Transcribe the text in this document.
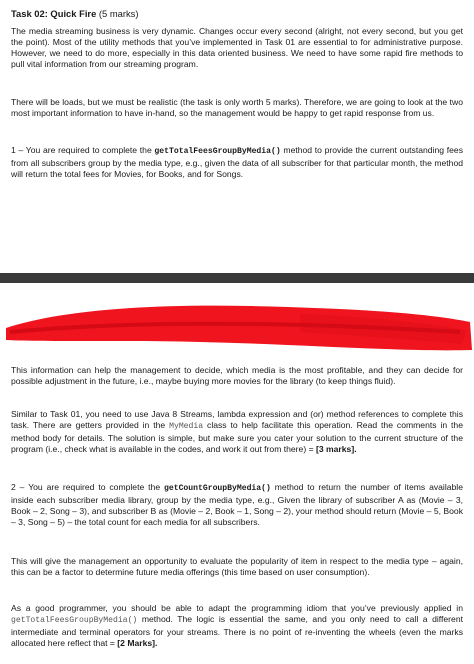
Task 02: Quick Fire (5 marks)

The media streaming business is very dynamic. Changes occur every second (alright, not every second, but you get the point). Most of the utility methods that you’ve implemented in Task 01 are essential to for administrative purpose. However, we need to do more, especially in this data oriented business. We need to have some rapid fire methods to pull vital information from our streaming program.

There will be loads, but we must be realistic (the task is only worth 5 marks). Therefore, we are going to look at the two most important information to have in-hand, so the management would be happy to get rapid response from us.

1 – You are required to complete the getTotalFeesGroupByMedia() method to provide the current outstanding fees from all subscribers group by the media type, e.g., given the data of all subscriber for that particular month, the method will return the total fees for Movies, for Books, and for Songs.

This information can help the management to decide, which media is the most profitable, and they can decide for possible adjustment in the future, i.e., maybe buying more movies for the library (to keep things fluid).

Similar to Task 01, you need to use Java 8 Streams, lambda expression and (or) method references to complete this task. There are getters provided in the MyMedia class to help facilitate this operation. Read the comments in the method body for details. The solution is simple, but make sure you cater your solution to the current structure of the program (i.e., check what is available in the codes, and work it out from there) = [3 marks].

2 – You are required to complete the getCountGroupByMedia() method to return the number of items available inside each subscriber media library, group by the media type, e.g., Given the library of subscriber A as (Movie – 3, Book – 2, Song – 3), and subscriber B as (Movie – 2, Book – 1, Song – 2), your method should return (Movie – 5, Book – 3, Song – 5) – the total count for each media for all subscribers.

This will give the management an opportunity to evaluate the popularity of item in respect to the media type – again, this can be a factor to determine future media offerings (this time based on user consumption).

As a good programmer, you should be able to adapt the programming idiom that you’ve previously applied in getTotalFeesGroupByMedia() method. The logic is essential the same, and you only need to call a different intermediate and terminal operators for your streams. There is no point of re-inventing the wheels (even the marks allocated here reflect that = [2 Marks].
